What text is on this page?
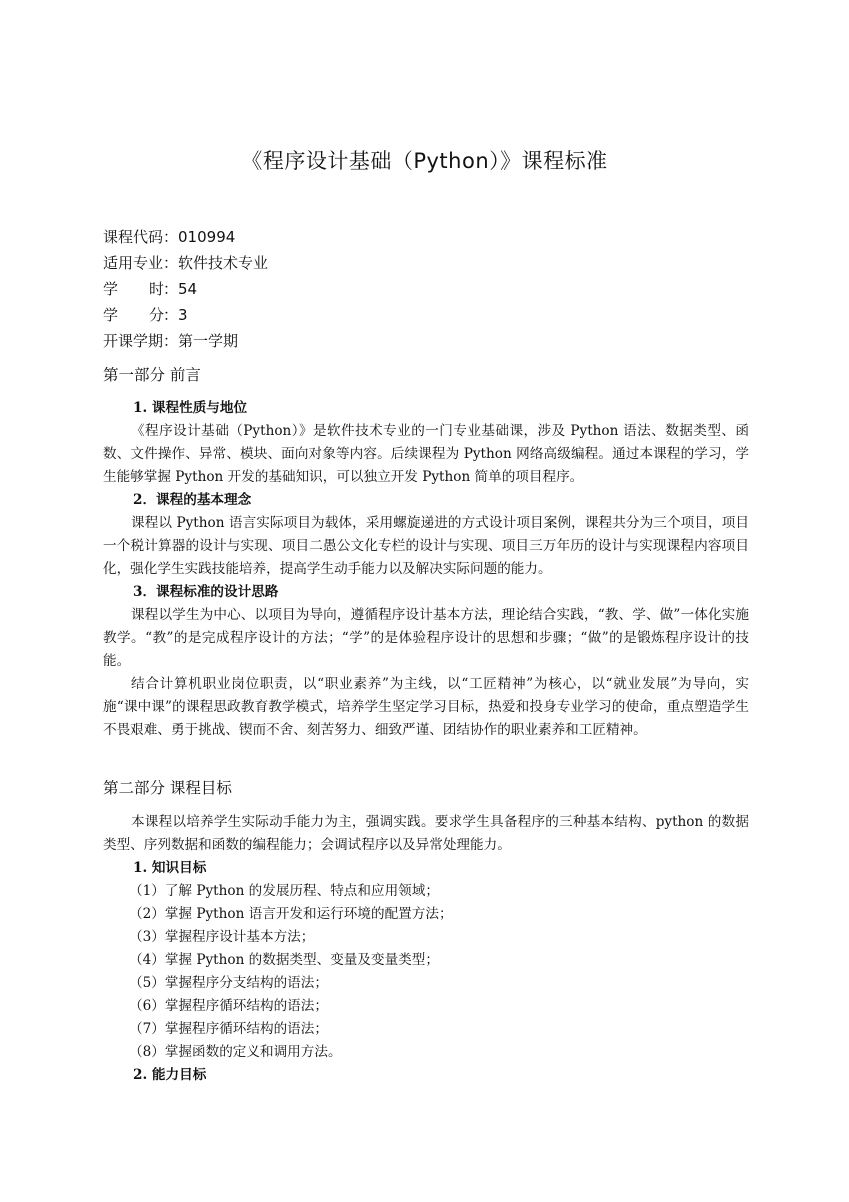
《程序设计基础（Python）》课程标准
课程代码：010994
适用专业：软件技术专业
学 时：54
学 分：3
开课学期：第一学期
第一部分 前言
1. 课程性质与地位

《程序设计基础（Python）》是软件技术专业的一门专业基础课，涉及 Python 语法、数据类型、函数、文件操作、异常、模块、面向对象等内容。后续课程为 Python 网络高级编程。通过本课程的学习，学生能够掌握 Python 开发的基础知识，可以独立开发 Python 简单的项目程序。

2．课程的基本理念

课程以 Python 语言实际项目为载体，采用螺旋递进的方式设计项目案例，课程共分为三个项目，项目一个税计算器的设计与实现、项目二愚公文化专栏的设计与实现、项目三万年历的设计与实现课程内容项目化，强化学生实践技能培养，提高学生动手能力以及解决实际问题的能力。

3．课程标准的设计思路

课程以学生为中心、以项目为导向，遵循程序设计基本方法，理论结合实践，“教、学、做”一体化实施教学。“教”的是完成程序设计的方法；“学”的是体验程序设计的思想和步骤；“做”的是锻炼程序设计的技能。

结合计算机职业岗位职责，以“职业素养”为主线，以“工匠精神”为核心，以“就业发展”为导向，实施“课中课”的课程思政教育教学模式，培养学生坚定学习目标，热爱和投身专业学习的使命，重点塑造学生不畏艰难、勇于挑战、锲而不舍、刻苦努力、细致严谨、团结协作的职业素养和工匠精神。

第二部分 课程目标

本课程以培养学生实际动手能力为主，强调实践。要求学生具备程序的三种基本结构、python 的数据类型、序列数据和函数的编程能力；会调试程序以及异常处理能力。

1. 知识目标
（1）了解 Python 的发展历程、特点和应用领域；
（2）掌握 Python 语言开发和运行环境的配置方法；
（3）掌握程序设计基本方法；
（4）掌握 Python 的数据类型、变量及变量类型；
（5）掌握程序分支结构的语法；
（6）掌握程序循环结构的语法；
（7）掌握程序循环结构的语法；
（8）掌握函数的定义和调用方法。
2. 能力目标
